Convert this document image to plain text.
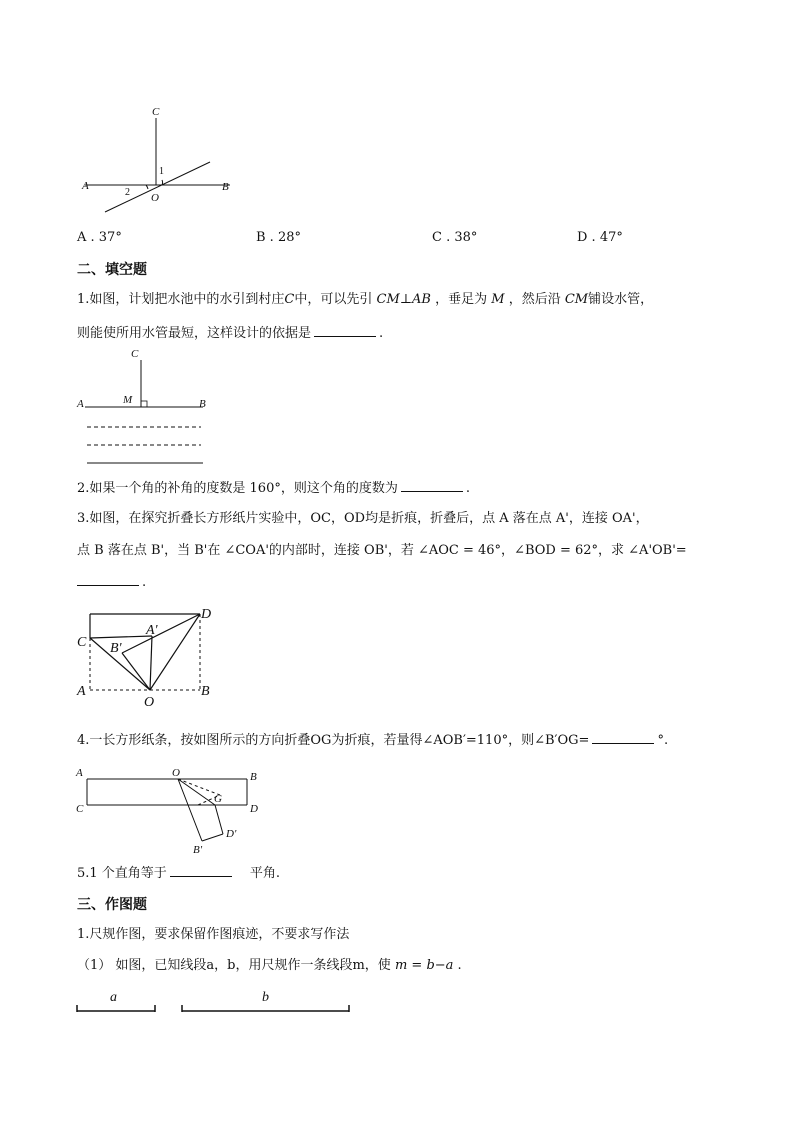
C
A	B
O
1
2
A . 37°	B . 28°	C . 38°	D . 47°
二、填空题
1.如图，计划把水池中的水引到村庄C中，可以先引 CM⊥AB ，垂足为 M ，然后沿 CM铺设水管，
则能使所用水管最短，这样设计的依据是	.
C
A	M	B
2.如果一个角的补角的度数是 160°，则这个角的度数为	.
3.如图，在探究折叠长方形纸片实验中，OC，OD均是折痕，折叠后，点 A 落在点 A'，连接 OA'，
点 B 落在点 B'，当 B'在 ∠COA'的内部时，连接 OB'，若 ∠AOC = 46°，∠BOD = 62°，求 ∠A'OB'=
.
D
C
A'
B'
A
O
B
4.一长方形纸条，按如图所示的方向折叠OG为折痕，若量得∠AOB′=110°，则∠B′OG=	°.
A	O	B
C
G
D
D'
B'
5.1 个直角等于	平角.
三、作图题
1.尺规作图，要求保留作图痕迹，不要求写作法
（1） 如图，已知线段a，b，用尺规作一条线段m，使 m = b−a .
a	b
